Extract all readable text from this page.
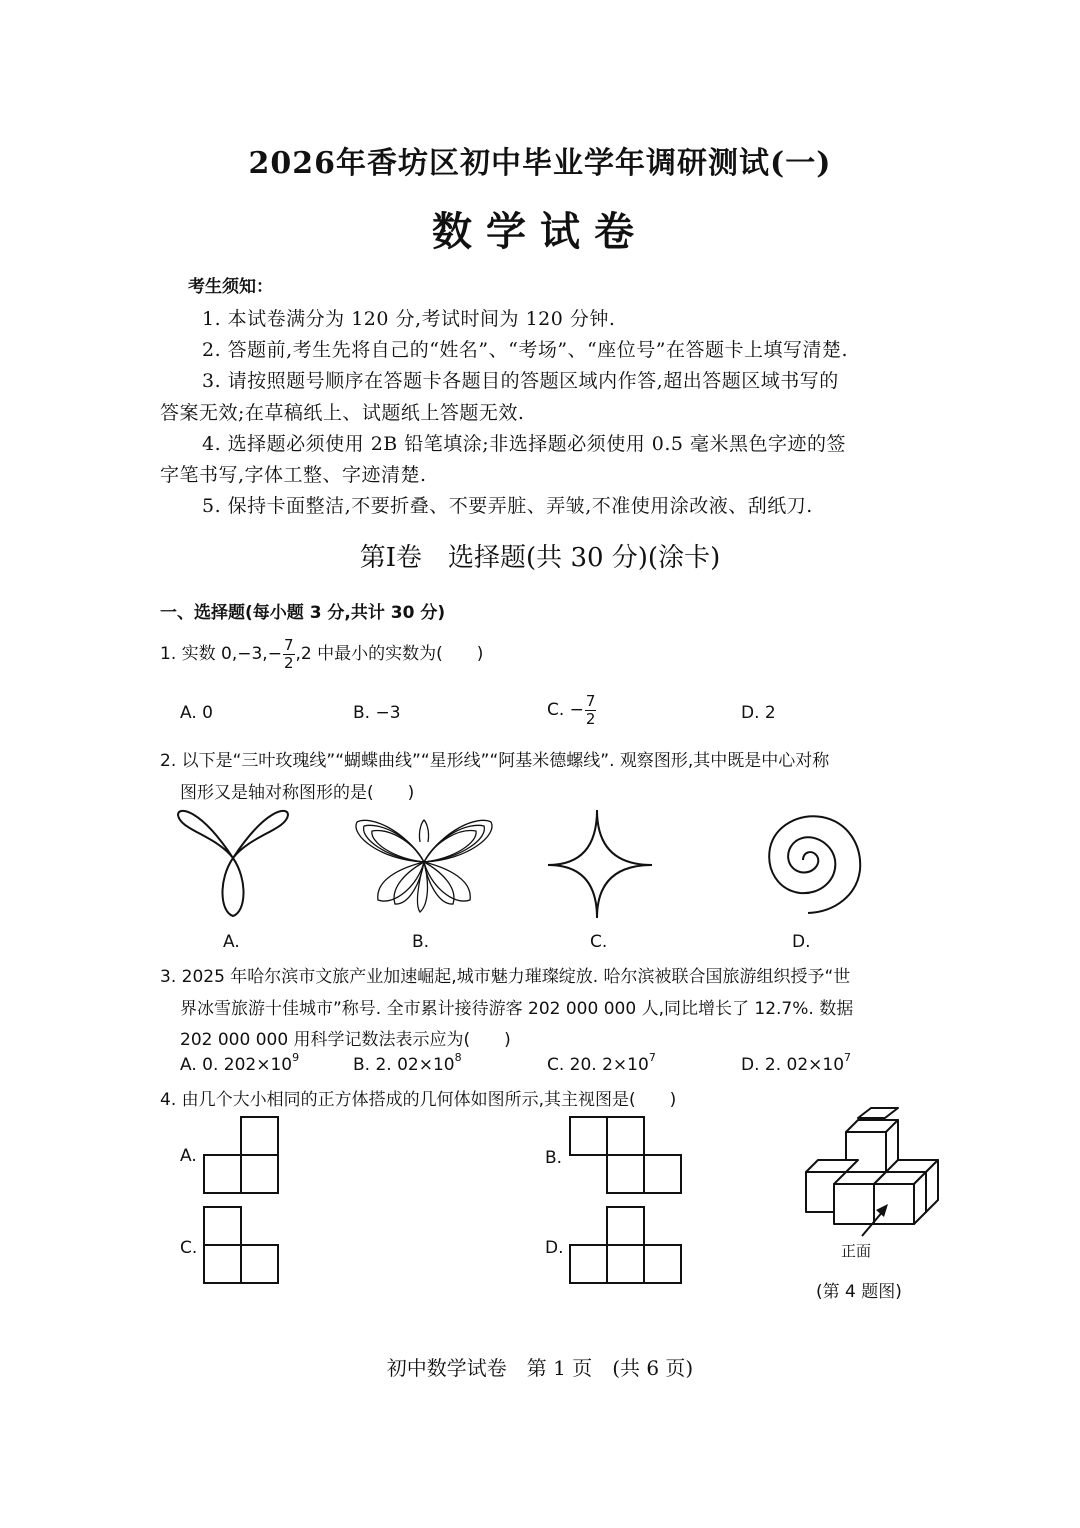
2026年香坊区初中毕业学年调研测试(一)
数学试卷
考生须知：
1. 本试卷满分为 120 分,考试时间为 120 分钟.
2. 答题前,考生先将自己的“姓名”、“考场”、“座位号”在答题卡上填写清楚.
3. 请按照题号顺序在答题卡各题目的答题区域内作答,超出答题区域书写的
答案无效;在草稿纸上、试题纸上答题无效.
4. 选择题必须使用 2B 铅笔填涂;非选择题必须使用 0.5 毫米黑色字迹的签
字笔书写,字体工整、字迹清楚.
5. 保持卡面整洁,不要折叠、不要弄脏、弄皱,不准使用涂改液、刮纸刀.
第Ⅰ卷　选择题(共 30 分)(涂卡)
一、选择题(每小题 3 分,共计 30 分)
1. 实数 $0,-3,- \frac{7}{2} ,2$ 中最小的实数为(　　)
A. 0	B. −3	C. − $\frac{7}{2}$	D. 2
2. 以下是“三叶玫瑰线”“蝴蝶曲线”“星形线”“阿基米德螺线”. 观察图形,其中既是中心对称
图形又是轴对称图形的是(　　)
A.	B.	C.	D.
3. 2025 年哈尔滨市文旅产业加速崛起,城市魅力璀璨绽放. 哈尔滨被联合国旅游组织授予“世
界冰雪旅游十佳城市”称号. 全市累计接待游客 202 000 000 人,同比增长了 12.7%. 数据
202 000 000 用科学记数法表示应为(　　)
A. 0. $202\times 10^9$	B. 2. $02\times 10^8$	C. 20. $2\times 10^7$	D. 2. $02\times 10^7$
4. 由几个大小相同的正方体搭成的几何体如图所示,其主视图是(　　)
A.	B.
C.	D.	正面
(第 4 题图)
初中数学试卷　第 1 页　(共 6 页)
